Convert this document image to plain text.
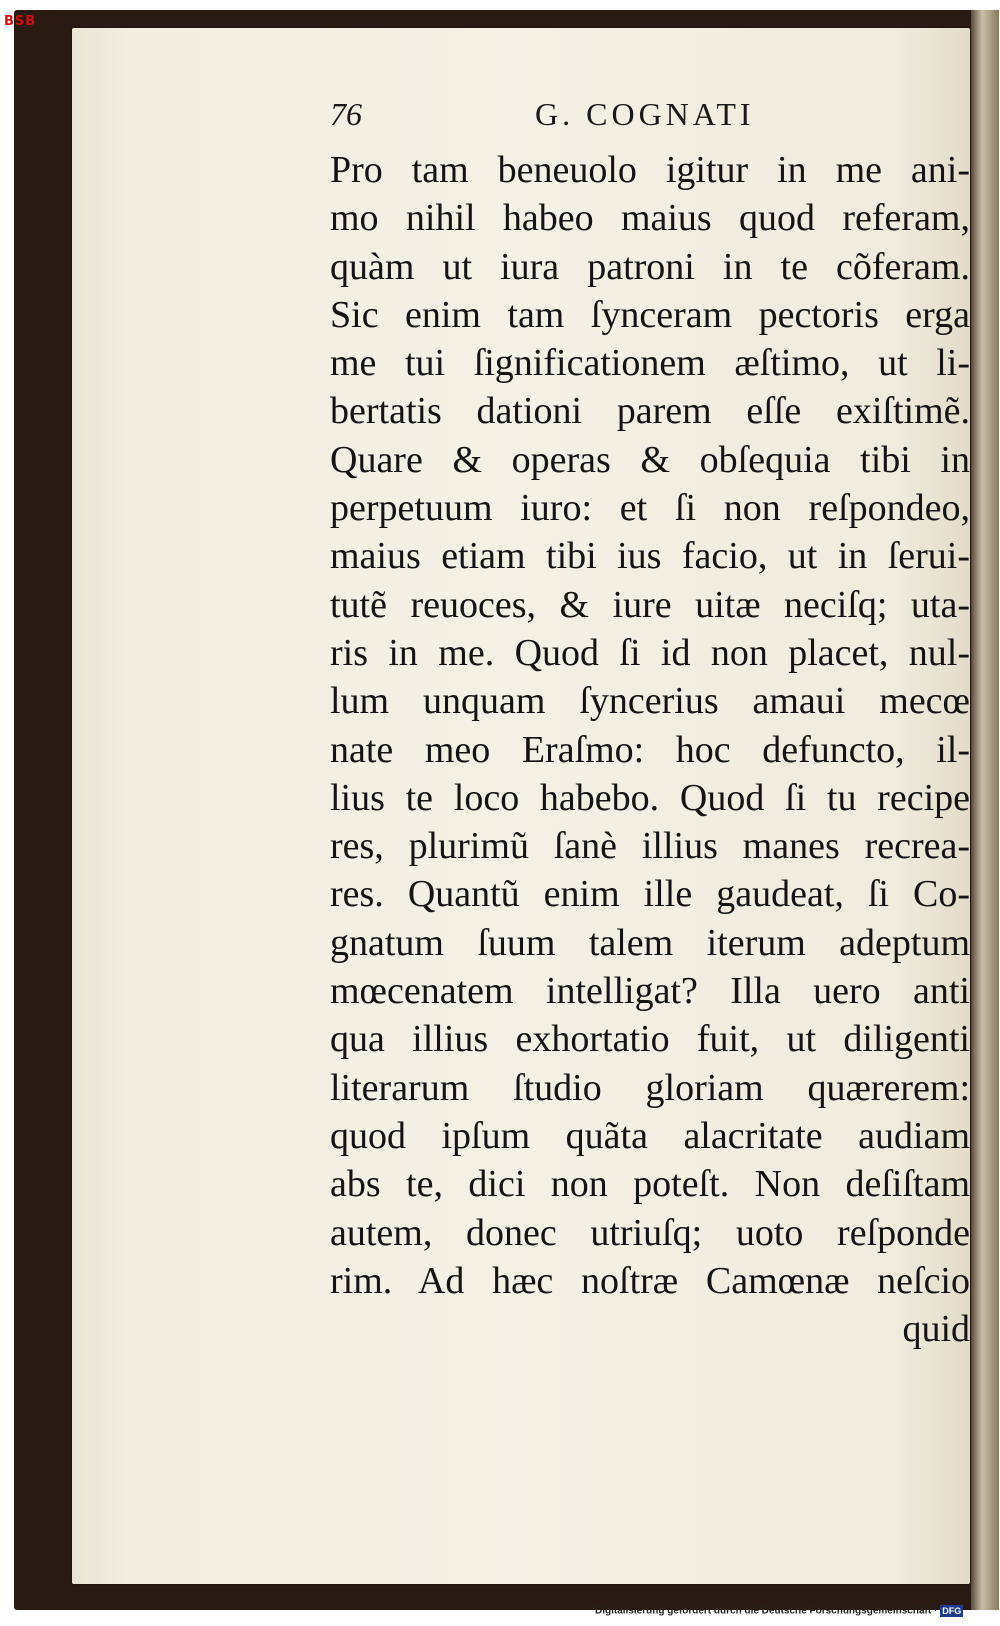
BSB
76	G. COGNATI
Pro tam beneuolo igitur in me ani-
mo nihil habeo maius quod referam,
quàm ut iura patroni in te cõferam.
Sic enim tam ſynceram pectoris erga
me tui ſignificationem æſtimo, ut li-
bertatis dationi parem eſſe exiſtimẽ.
Quare & operas & obſequia tibi in
perpetuum iuro: et ſi non reſpondeo,
maius etiam tibi ius facio, ut in ſerui-
tutẽ reuoces, & iure uitæ neciſq; uta-
ris in me. Quod ſi id non placet, nul-
lum unquam ſyncerius amaui mecœ
nate meo Eraſmo: hoc defuncto, il-
lius te loco habebo. Quod ſi tu recipe
res, plurimũ ſanè illius manes recrea-
res. Quantũ enim ille gaudeat, ſi Co-
gnatum ſuum talem iterum adeptum
mœcenatem intelligat? Illa uero anti
qua illius exhortatio fuit, ut diligenti
literarum ſtudio gloriam quærerem:
quod ipſum quãta alacritate audiam
abs te, dici non poteſt. Non deſiſtam
autem, donec utriuſq; uoto reſponde
rim. Ad hæc noſtræ Camœnæ neſcio
quid
Digitalisierung gefördert durch die Deutsche Forschungsgemeinschaft · DFG
